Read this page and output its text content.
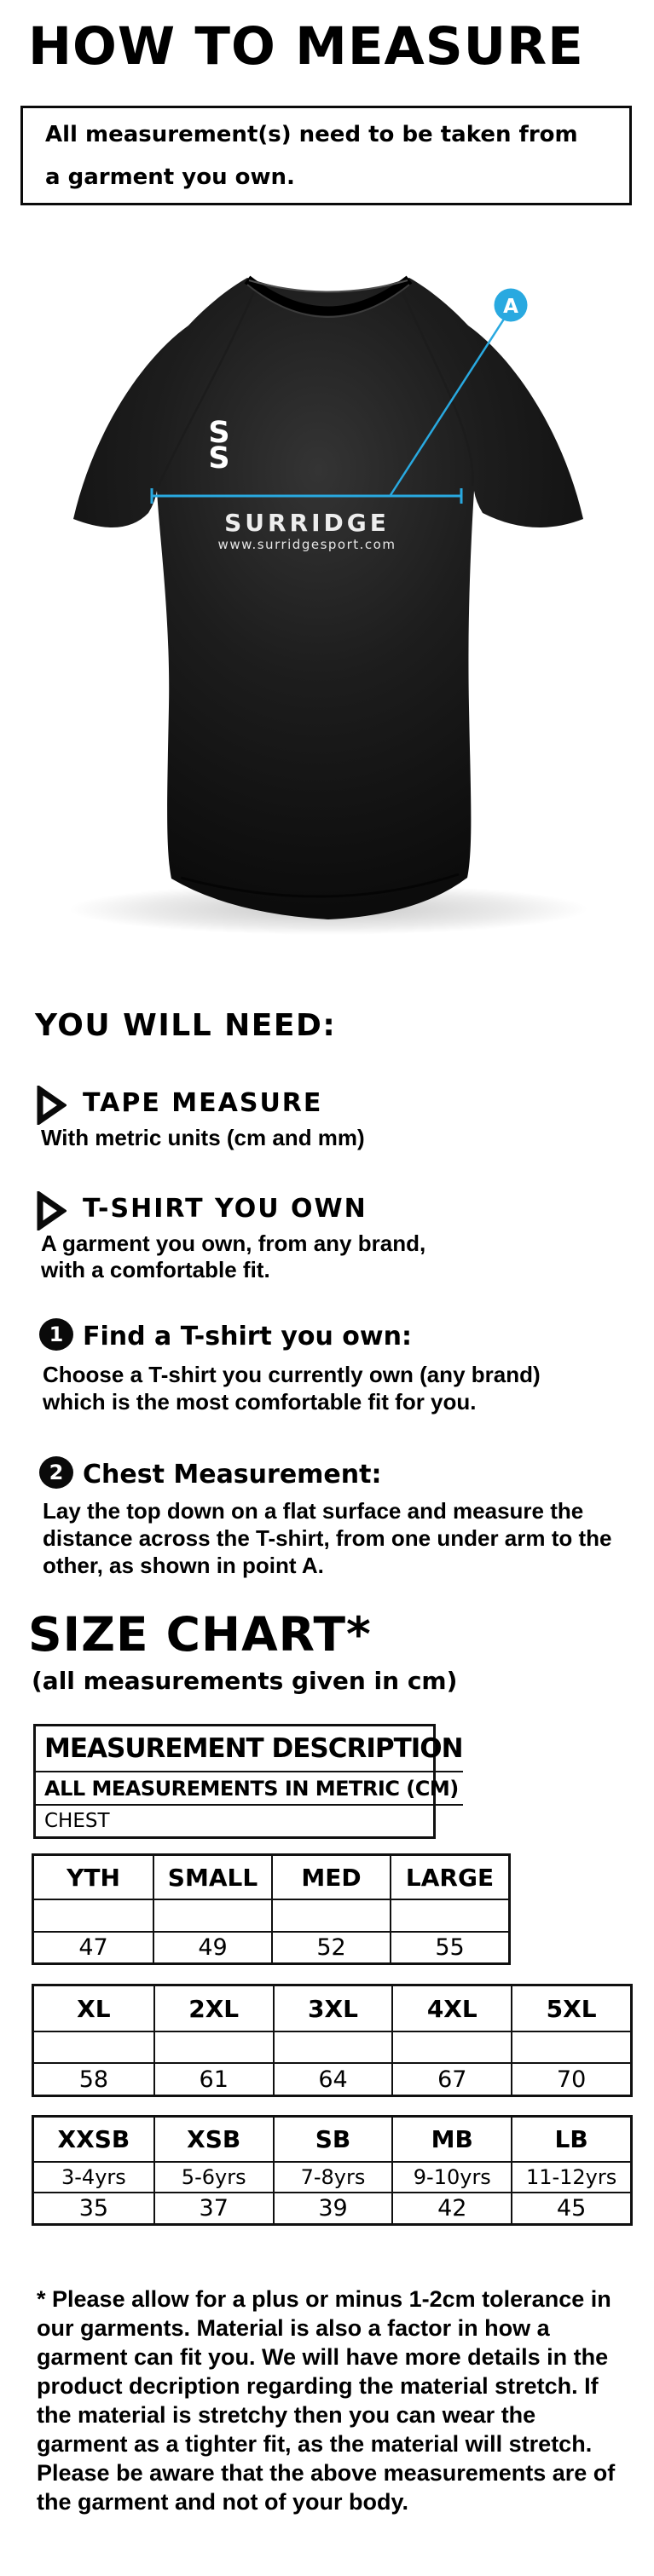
HOW TO MEASURE
All measurement(s) need to be taken from a garment you own.
S
S
SURRIDGE
www.surridgesport.com
A
YOU WILL NEED:
TAPE MEASURE
With metric units (cm and mm)
T-SHIRT YOU OWN
A garment you own, from any brand, with a comfortable fit.
1 Find a T-shirt you own:
Choose a T-shirt you currently own (any brand) which is the most comfortable fit for you.
2 Chest Measurement:
Lay the top down on a flat surface and measure the distance across the T-shirt, from one under arm to the other, as shown in point A.
SIZE CHART*
(all measurements given in cm)
MEASUREMENT DESCRIPTION
ALL MEASUREMENTS IN METRIC (CM)
CHEST
YTH	SMALL	MED	LARGE
47	49	52	55
XL	2XL	3XL	4XL	5XL
58	61	64	67	70
XXSB	XSB	SB	MB	LB
3-4yrs	5-6yrs	7-8yrs	9-10yrs	11-12yrs
35	37	39	42	45
* Please allow for a plus or minus 1-2cm tolerance in our garments. Material is also a factor in how a garment can fit you. We will have more details in the product decription regarding the material stretch. If the material is stretchy then you can wear the garment as a tighter fit, as the material will stretch. Please be aware that the above measurements are of the garment and not of your body.
